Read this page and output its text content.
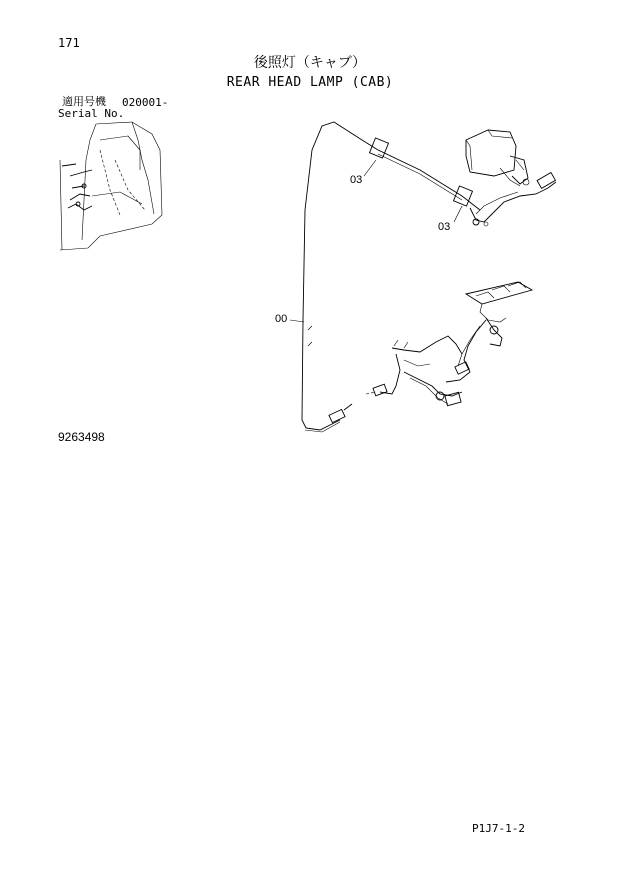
171
後照灯（キャブ）
REAR HEAD LAMP (CAB)
適用号機 020001-
Serial No.
03
03
00
9263498
P1J7-1-2
